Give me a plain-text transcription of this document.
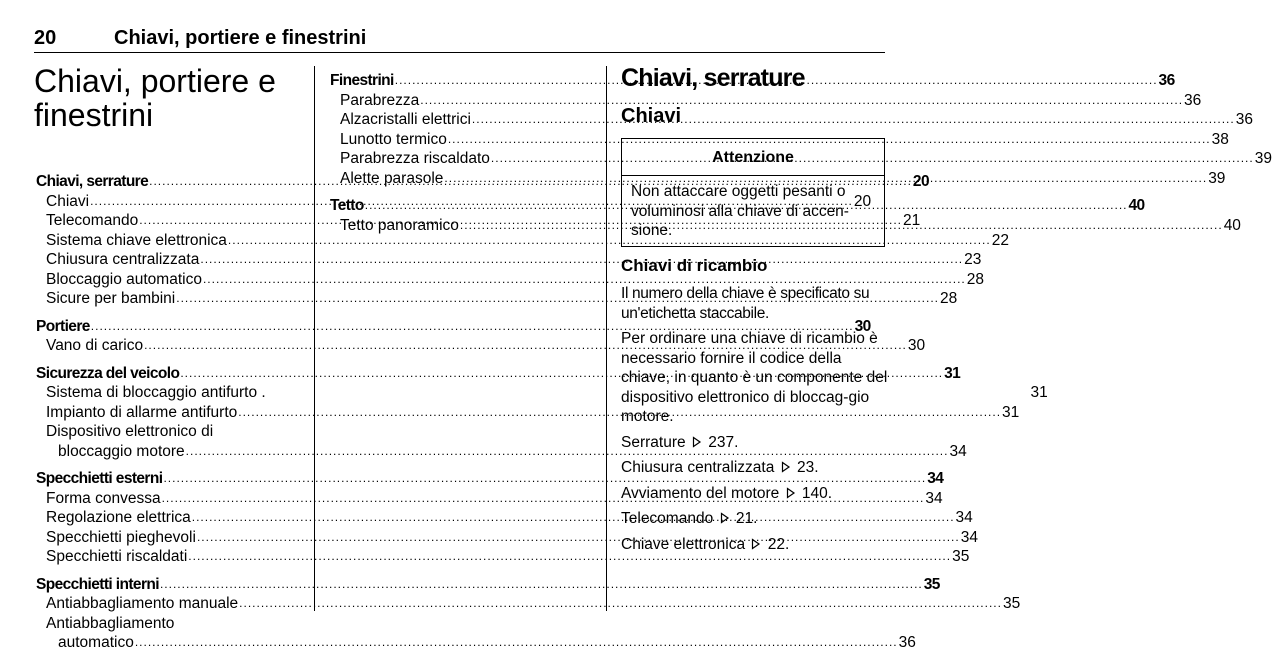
20	Chiavi, portiere e finestrini
Chiavi, portiere e
finestrini
Chiavi, serrature .....	20
Chiavi .....	20
Telecomando .....	21
Sistema chiave elettronica .....	22
Chiusura centralizzata .....	23
Bloccaggio automatico .....	28
Sicure per bambini .....	28
Portiere .....	30
Vano di carico .....	30
Sicurezza del veicolo .....	31
Sistema di bloccaggio antifurto .	31
Impianto di allarme antifurto .....	31
Dispositivo elettronico di
bloccaggio motore .....	34
Specchietti esterni .....	34
Forma convessa .....	34
Regolazione elettrica .....	34
Specchietti pieghevoli .....	34
Specchietti riscaldati .....	35
Specchietti interni .....	35
Antiabbagliamento manuale .....	35
Antiabbagliamento
automatico .....	36
Finestrini .....	36
Parabrezza .....	36
Alzacristalli elettrici .....	36
Lunotto termico .....	38
Parabrezza riscaldato .....	39
Alette parasole .....	39
Tetto .....	40
Tetto panoramico .....	40
Chiavi, serrature
Chiavi
Attenzione
Non attaccare oggetti pesanti o voluminosi alla chiave di accen-sione.
Chiavi di ricambio

Il numero della chiave è specificato su un'etichetta staccabile.

Per ordinare una chiave di ricambio è necessario fornire il codice della chiave, in quanto è un componente del dispositivo elettronico di bloccag-gio motore.

Serrature 237.
Chiusura centralizzata 23.
Avviamento del motore 140.
Telecomando 21.
Chiave elettronica 22.
